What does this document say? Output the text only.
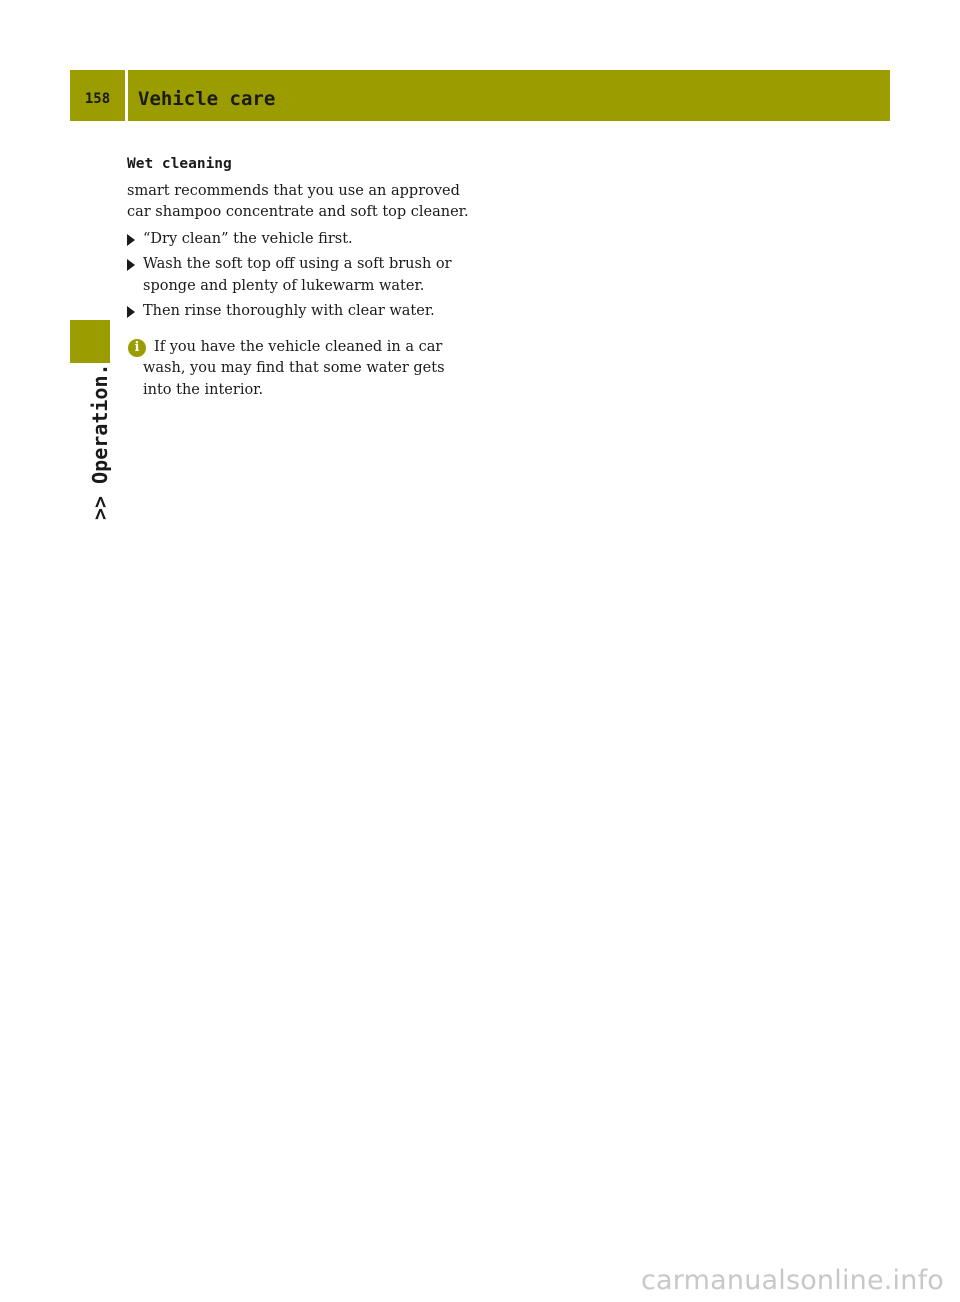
158 Vehicle care
>> Operation.
Wet cleaning
smart recommends that you use an approved car shampoo concentrate and soft top cleaner.
“Dry clean” the vehicle first.
Wash the soft top off using a soft brush or sponge and plenty of lukewarm water.
Then rinse thoroughly with clear water.
i	If you have the vehicle cleaned in a car wash, you may find that some water gets into the interior.
carmanualsonline.info
